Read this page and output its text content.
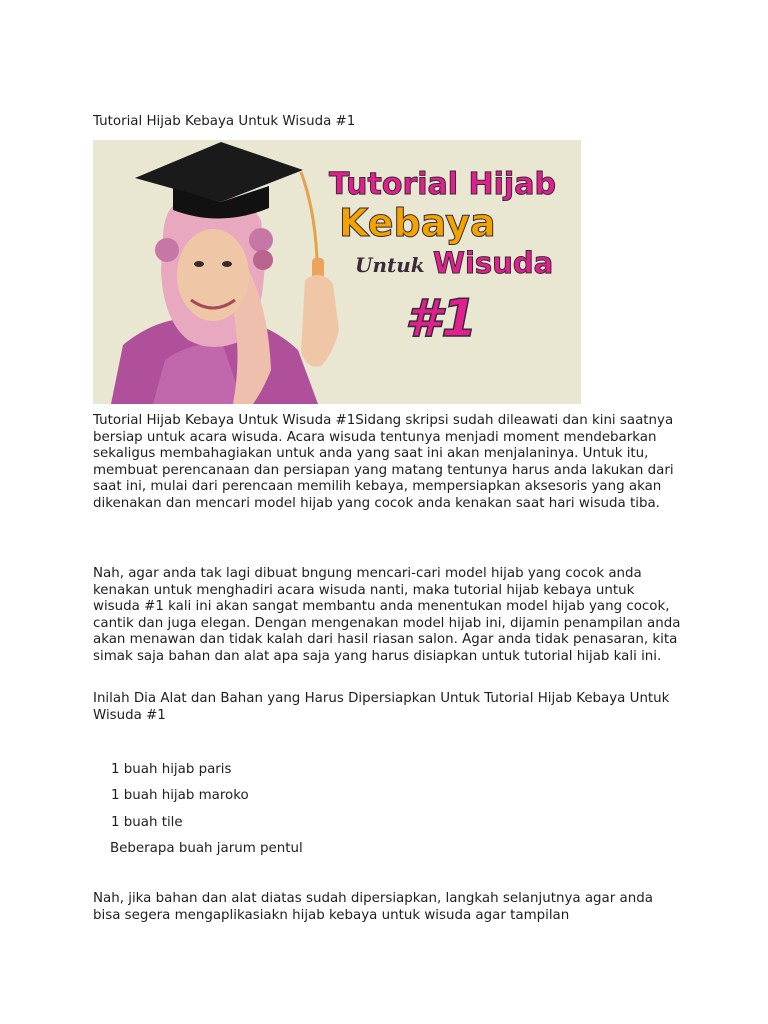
Tutorial Hijab Kebaya Untuk Wisuda #1
Tutorial Hijab
Kebaya
Untuk Wisuda
#1
Tutorial Hijab Kebaya Untuk Wisuda #1Sidang skripsi sudah dileawati dan kini saatnya bersiap untuk acara wisuda. Acara wisuda tentunya menjadi moment mendebarkan sekaligus membahagiakan untuk anda yang saat ini akan menjalaninya. Untuk itu, membuat perencanaan dan persiapan yang matang tentunya harus anda lakukan dari saat ini, mulai dari perencaan memilih kebaya, mempersiapkan aksesoris yang akan dikenakan dan mencari model hijab yang cocok anda kenakan saat hari wisuda tiba.
Nah, agar anda tak lagi dibuat bngung mencari-cari model hijab yang cocok anda kenakan untuk menghadiri acara wisuda nanti, maka tutorial hijab kebaya untuk wisuda #1 kali ini akan sangat membantu anda menentukan model hijab yang cocok, cantik dan juga elegan. Dengan mengenakan model hijab ini, dijamin penampilan anda akan menawan dan tidak kalah dari hasil riasan salon. Agar anda tidak penasaran, kita simak saja bahan dan alat apa saja yang harus disiapkan untuk tutorial hijab kali ini.
Inilah Dia Alat dan Bahan yang Harus Dipersiapkan Untuk Tutorial Hijab Kebaya Untuk Wisuda #1
1 buah hijab paris
1 buah hijab maroko
1 buah tile
Beberapa buah jarum pentul
Nah, jika bahan dan alat diatas sudah dipersiapkan, langkah selanjutnya agar anda bisa segera mengaplikasiakn hijab kebaya untuk wisuda agar tampilan
